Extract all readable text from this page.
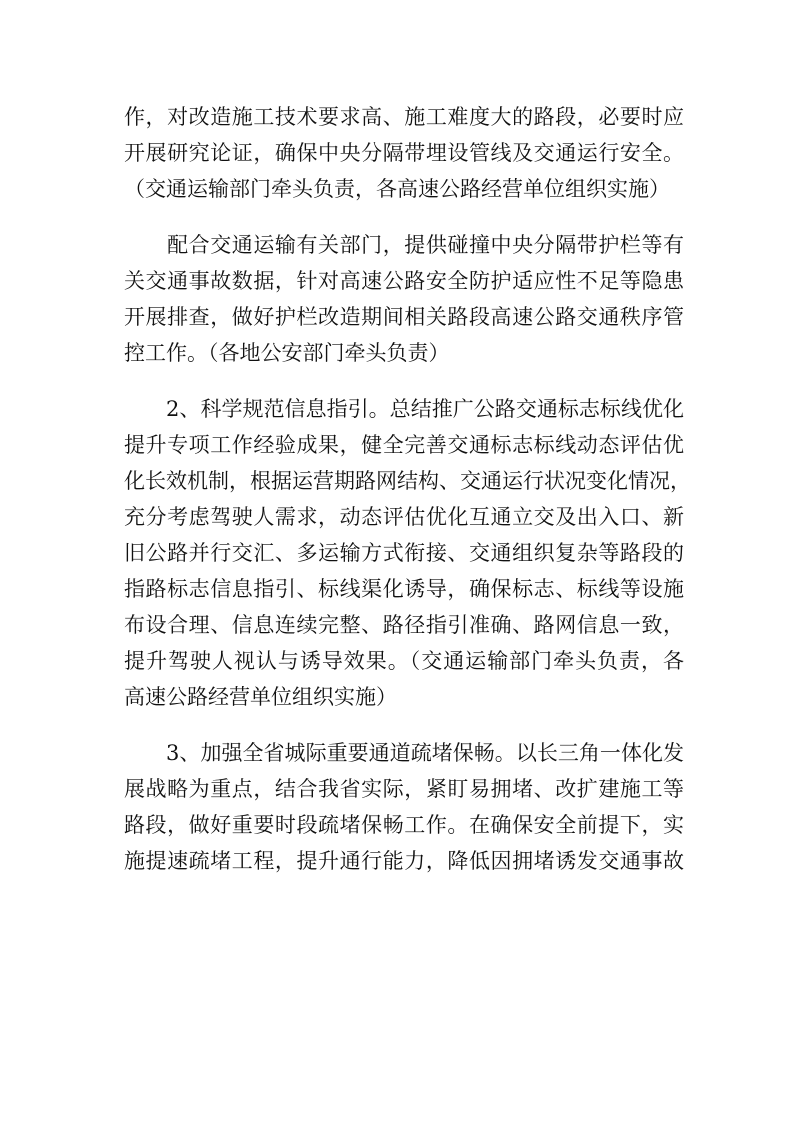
作，对改造施工技术要求高、施工难度大的路段，必要时应
开展研究论证，确保中央分隔带埋设管线及交通运行安全。
（交通运输部门牵头负责，各高速公路经营单位组织实施）
　　配合交通运输有关部门，提供碰撞中央分隔带护栏等有
关交通事故数据，针对高速公路安全防护适应性不足等隐患
开展排查，做好护栏改造期间相关路段高速公路交通秩序管
控工作。（各地公安部门牵头负责）
　　2、科学规范信息指引。总结推广公路交通标志标线优化
提升专项工作经验成果，健全完善交通标志标线动态评估优
化长效机制，根据运营期路网结构、交通运行状况变化情况，
充分考虑驾驶人需求，动态评估优化互通立交及出入口、新
旧公路并行交汇、多运输方式衔接、交通组织复杂等路段的
指路标志信息指引、标线渠化诱导，确保标志、标线等设施
布设合理、信息连续完整、路径指引准确、路网信息一致，
提升驾驶人视认与诱导效果。（交通运输部门牵头负责，各
高速公路经营单位组织实施）
　　3、加强全省城际重要通道疏堵保畅。以长三角一体化发
展战略为重点，结合我省实际，紧盯易拥堵、改扩建施工等
路段，做好重要时段疏堵保畅工作。在确保安全前提下，实
施提速疏堵工程，提升通行能力，降低因拥堵诱发交通事故
